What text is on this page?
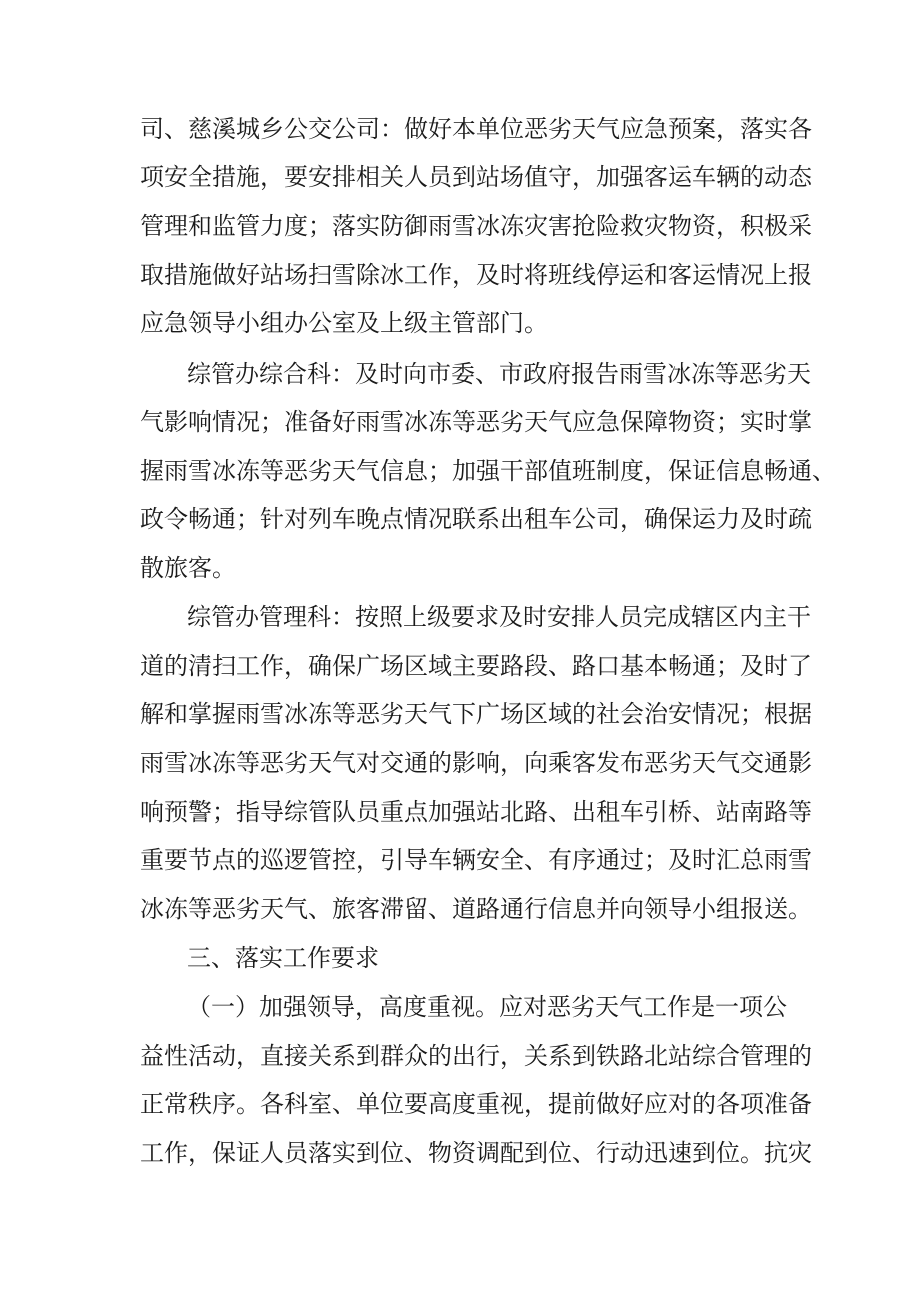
司、慈溪城乡公交公司：做好本单位恶劣天气应急预案，落实各
项安全措施，要安排相关人员到站场值守，加强客运车辆的动态
管理和监管力度；落实防御雨雪冰冻灾害抢险救灾物资，积极采
取措施做好站场扫雪除冰工作，及时将班线停运和客运情况上报
应急领导小组办公室及上级主管部门。
综管办综合科：及时向市委、市政府报告雨雪冰冻等恶劣天
气影响情况；准备好雨雪冰冻等恶劣天气应急保障物资；实时掌
握雨雪冰冻等恶劣天气信息；加强干部值班制度，保证信息畅通、
政令畅通；针对列车晚点情况联系出租车公司，确保运力及时疏
散旅客。
综管办管理科：按照上级要求及时安排人员完成辖区内主干
道的清扫工作，确保广场区域主要路段、路口基本畅通；及时了
解和掌握雨雪冰冻等恶劣天气下广场区域的社会治安情况；根据
雨雪冰冻等恶劣天气对交通的影响，向乘客发布恶劣天气交通影
响预警；指导综管队员重点加强站北路、出租车引桥、站南路等
重要节点的巡逻管控，引导车辆安全、有序通过；及时汇总雨雪
冰冻等恶劣天气、旅客滞留、道路通行信息并向领导小组报送。
三、落实工作要求
（一）加强领导，高度重视。应对恶劣天气工作是一项公
益性活动，直接关系到群众的出行，关系到铁路北站综合管理的
正常秩序。各科室、单位要高度重视，提前做好应对的各项准备
工作，保证人员落实到位、物资调配到位、行动迅速到位。抗灾
